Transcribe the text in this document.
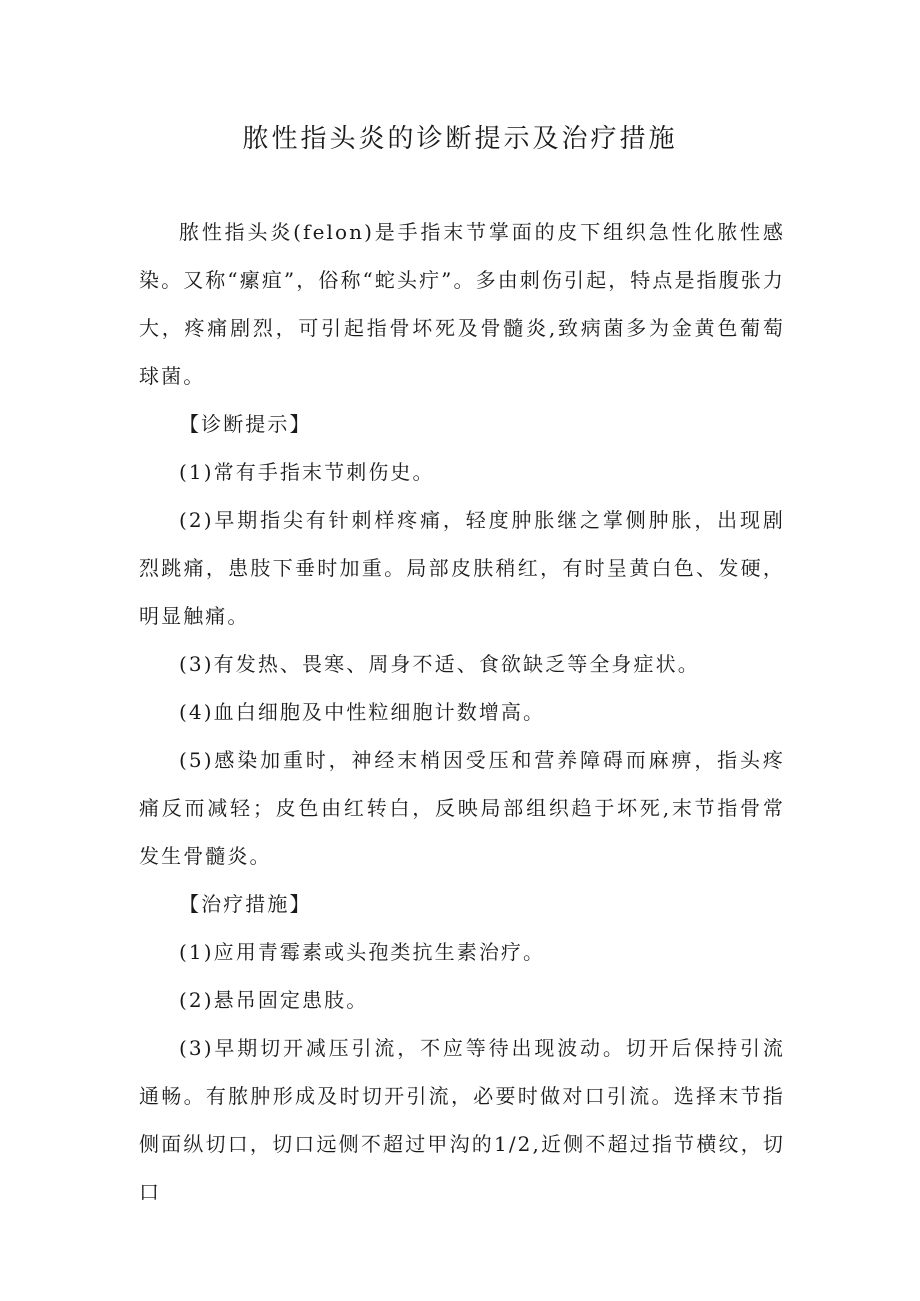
脓性指头炎的诊断提示及治疗措施

脓性指头炎(felon)是手指末节掌面的皮下组织急性化脓性感染。又称“瘰疽”，俗称“蛇头疔”。多由刺伤引起，特点是指腹张力大，疼痛剧烈，可引起指骨坏死及骨髓炎,致病菌多为金黄色葡萄球菌。

【诊断提示】

(1)常有手指末节刺伤史。

(2)早期指尖有针刺样疼痛，轻度肿胀继之掌侧肿胀，出现剧烈跳痛，患肢下垂时加重。局部皮肤稍红，有时呈黄白色、发硬，明显触痛。

(3)有发热、畏寒、周身不适、食欲缺乏等全身症状。

(4)血白细胞及中性粒细胞计数增高。

(5)感染加重时，神经末梢因受压和营养障碍而麻痹，指头疼痛反而减轻；皮色由红转白，反映局部组织趋于坏死,末节指骨常发生骨髓炎。

【治疗措施】

(1)应用青霉素或头孢类抗生素治疗。

(2)悬吊固定患肢。

(3)早期切开减压引流，不应等待出现波动。切开后保持引流通畅。有脓肿形成及时切开引流，必要时做对口引流。选择末节指侧面纵切口，切口远侧不超过甲沟的1/2,近侧不超过指节横纹，切口
